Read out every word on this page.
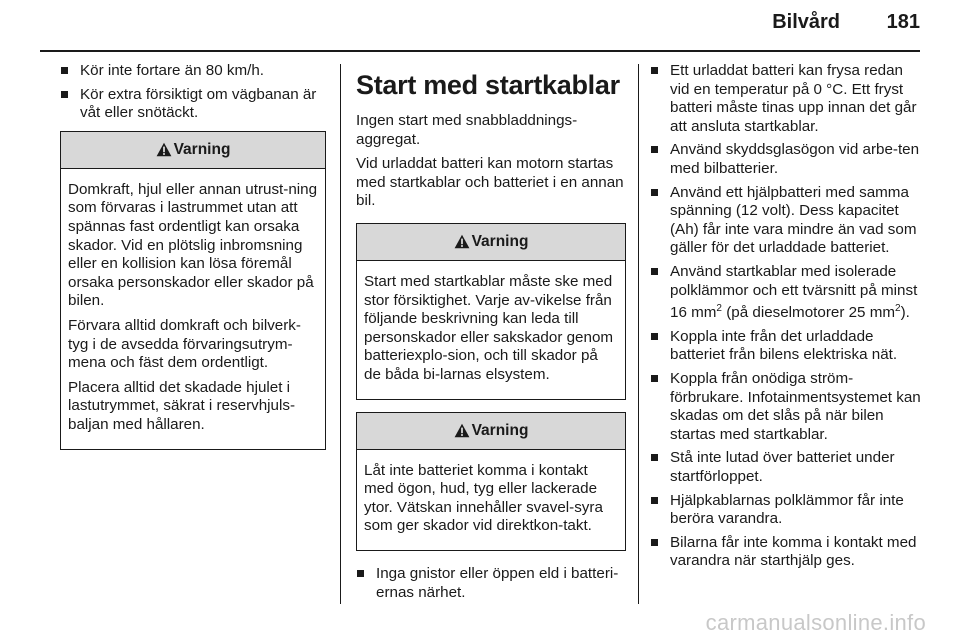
Bilvård 181
Kör inte fortare än 80 km/h.
Kör extra försiktigt om vägbanan är våt eller snötäckt.
Varning

Domkraft, hjul eller annan utrust-ning som förvaras i lastrummet utan att spännas fast ordentligt kan orsaka skador. Vid en plötslig inbromsning eller en kollision kan lösa föremål orsaka personskador eller skador på bilen.

Förvara alltid domkraft och bilverk-tyg i de avsedda förvaringsutrym-mena och fäst dem ordentligt.

Placera alltid det skadade hjulet i lastutrymmet, säkrat i reservhjuls-baljan med hållaren.

Start med startkablar

Ingen start med snabbladdnings-aggregat.

Vid urladdat batteri kan motorn startas med startkablar och batteriet i en annan bil.

Varning

Start med startkablar måste ske med stor försiktighet. Varje av-vikelse från följande beskrivning kan leda till personskador eller sakskador genom batteriexplo-sion, och till skador på de båda bi-larnas elsystem.

Varning

Låt inte batteriet komma i kontakt med ögon, hud, tyg eller lackerade ytor. Vätskan innehåller svavel-syra som ger skador vid direktkon-takt.

Inga gnistor eller öppen eld i batteri-ernas närhet.
Ett urladdat batteri kan frysa redan vid en temperatur på 0 °C. Ett fryst batteri måste tinas upp innan det går att ansluta startkablar.
Använd skyddsglasögon vid arbe-ten med bilbatterier.
Använd ett hjälpbatteri med samma spänning (12 volt). Dess kapacitet (Ah) får inte vara mindre än vad som gäller för det urladdade batteriet.
Använd startkablar med isolerade polklämmor och ett tvärsnitt på minst 16 $mm^2$ (på dieselmotorer 25 $mm^2$).
Koppla inte från det urladdade batteriet från bilens elektriska nät.
Koppla från onödiga ström-förbrukare. Infotainmentsystemet kan skadas om det slås på när bilen startas med startkablar.
Stå inte lutad över batteriet under startförloppet.
Hjälpkablarnas polklämmor får inte beröra varandra.
Bilarna får inte komma i kontakt med varandra när starthjälp ges.
carmanualsonline.info
